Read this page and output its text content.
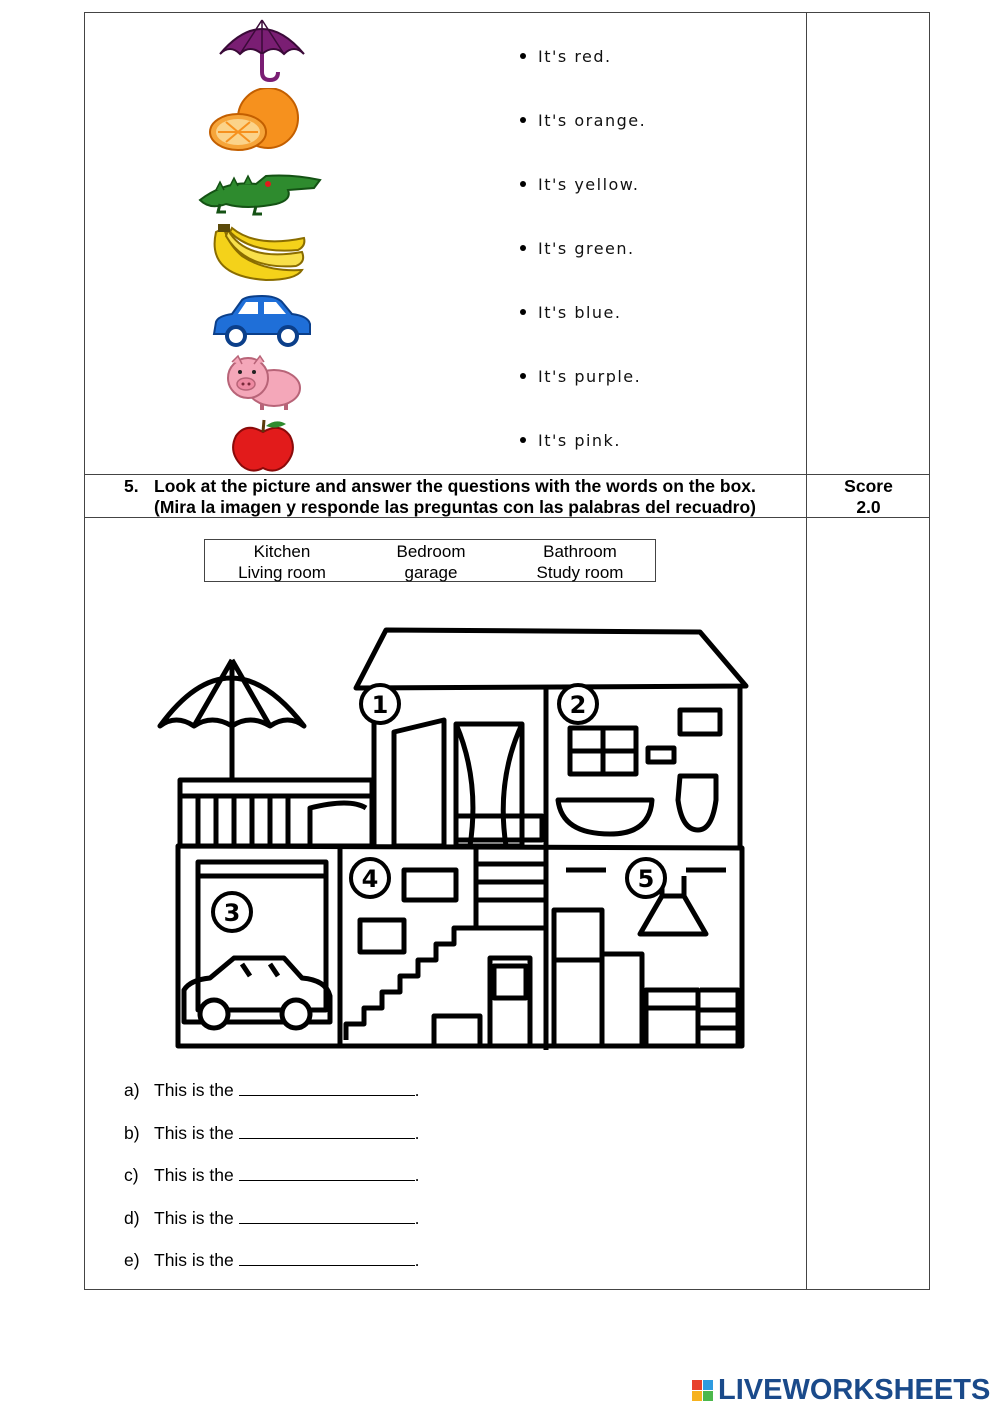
It's red.
It's orange.
It's yellow.
It's green.
It's blue.
It's purple.
It's pink.
5. Look at the picture and answer the questions with the words on the box.
(Mira la imagen y responde las preguntas con las palabras del recuadro)
Score
2.0
Kitchen	Bedroom	Bathroom
Living room	garage	Study room
1	2
3
4	5
a) This is the	.
b) This is the	.
c) This is the	.
d) This is the	.
e) This is the	.
LIVEWORKSHEETS
